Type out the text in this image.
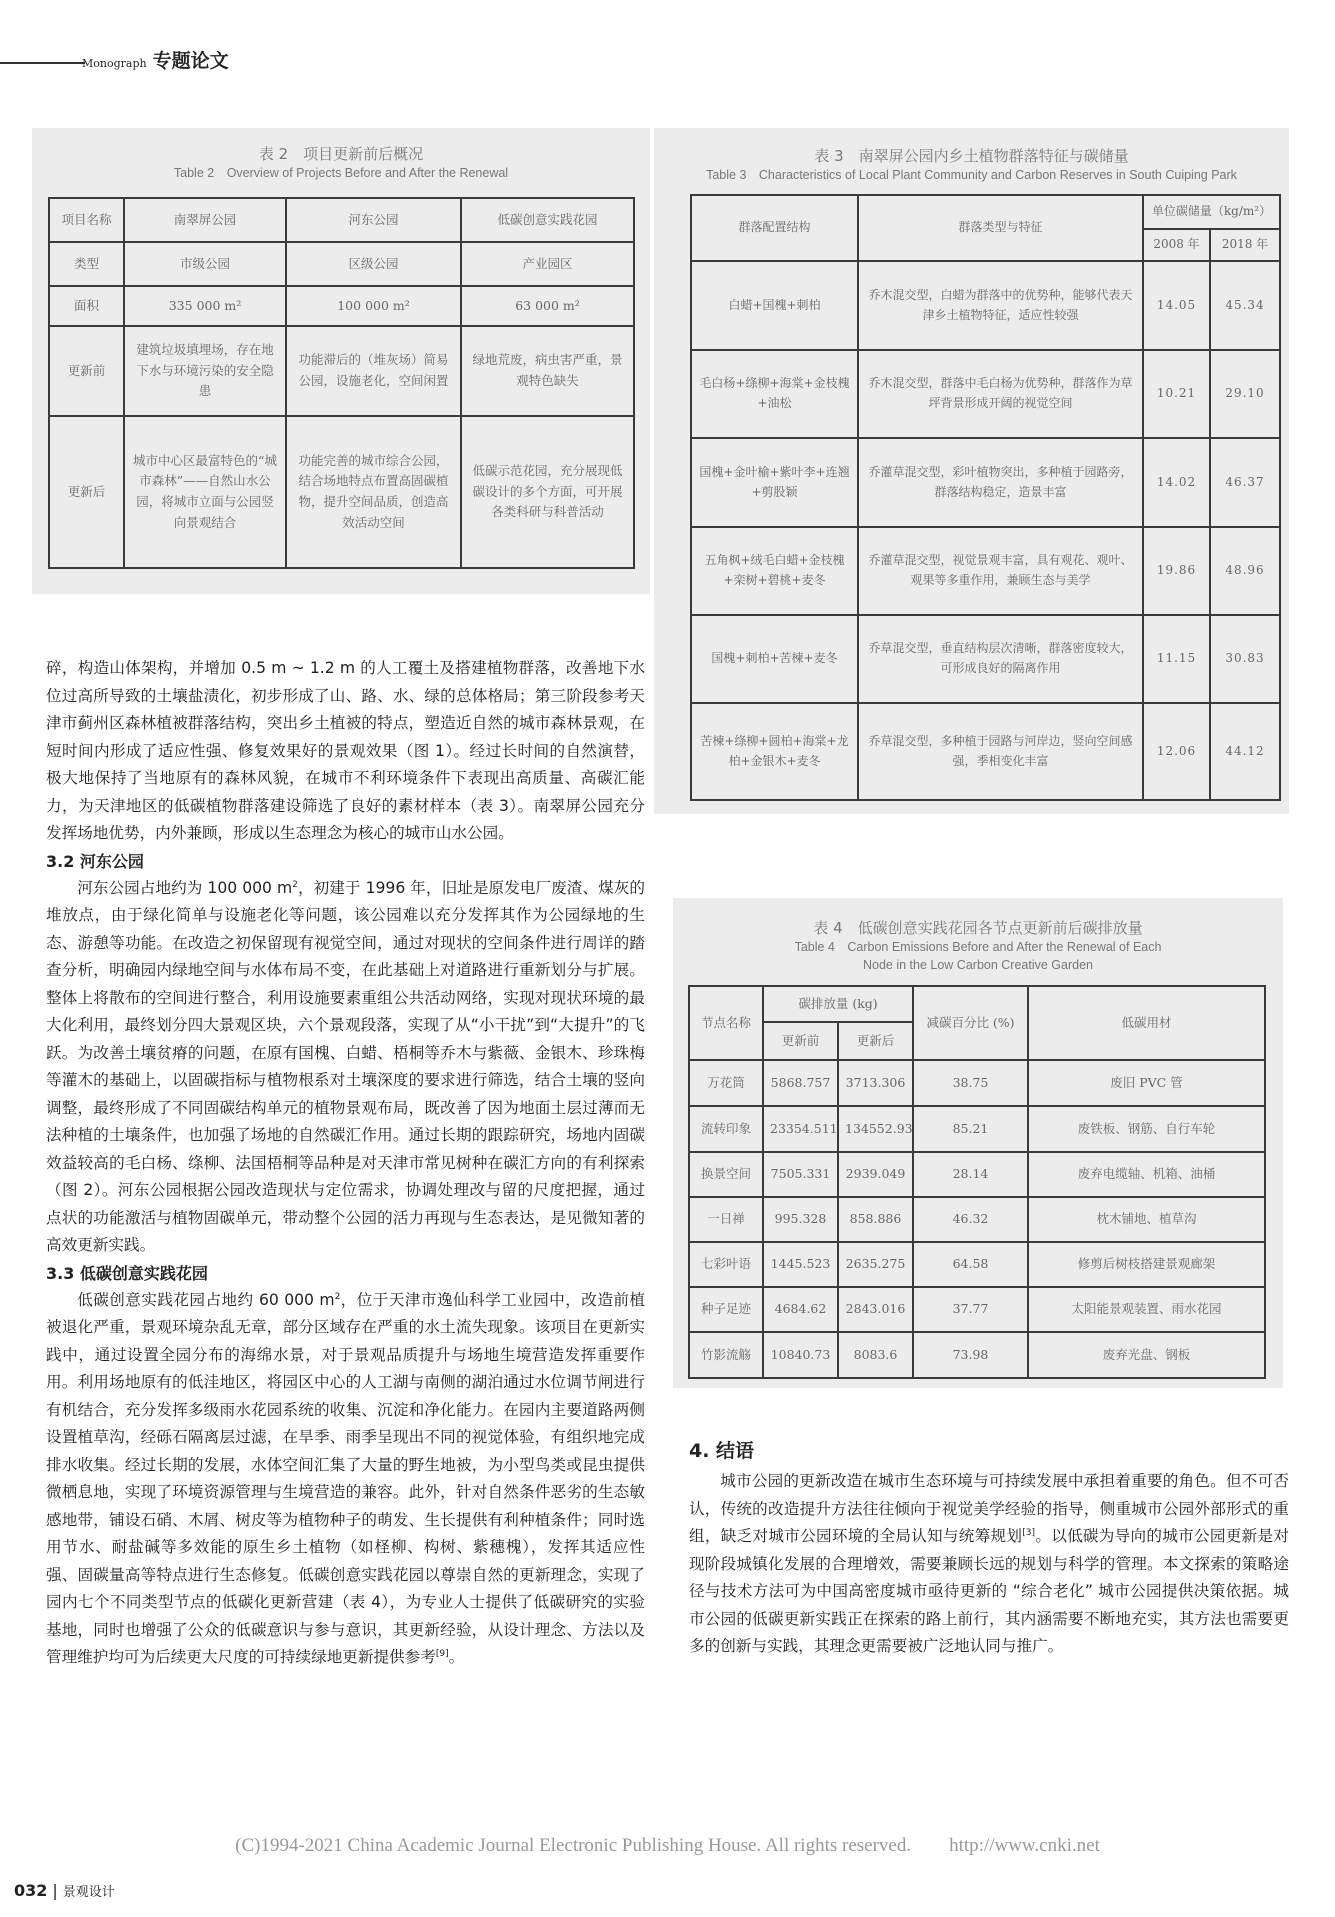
Monograph 专题论文
表 2　项目更新前后概况
Table 2　Overview of Projects Before and After the Renewal
项目名称	南翠屏公园	河东公园	低碳创意实践花园
类型	市级公园	区级公园	产业园区
面积	335 000 m²	100 000 m²	63 000 m²
更新前	建筑垃圾填埋场，存在地下水与环境污染的安全隐患	功能滞后的（堆灰场）简易公园，设施老化，空间闲置	绿地荒废，病虫害严重，景观特色缺失
更新后	城市中心区最富特色的“城市森林”——自然山水公园，将城市立面与公园竖向景观结合	功能完善的城市综合公园，结合场地特点布置高固碳植物，提升空间品质，创造高效活动空间	低碳示范花园，充分展现低碳设计的多个方面，可开展各类科研与科普活动
表 3　南翠屏公园内乡土植物群落特征与碳储量
Table 3　Characteristics of Local Plant Community and Carbon Reserves in South Cuiping Park
群落配置结构	群落类型与特征	单位碳储量（kg/m²）	
		2008 年	2018 年
白蜡+国槐+刺柏	乔木混交型，白蜡为群落中的优势种，能够代表天津乡土植物特征，适应性较强	14.05	45.34
毛白杨+绦柳+海棠+金枝槐+油松	乔木混交型，群落中毛白杨为优势种，群落作为草坪背景形成开阔的视觉空间	10.21	29.10
国槐+金叶榆+紫叶李+连翘+剪股颖	乔灌草混交型，彩叶植物突出，多种植于园路旁，群落结构稳定，造景丰富	14.02	46.37
五角枫+绒毛白蜡+金枝槐+栾树+碧桃+麦冬	乔灌草混交型，视觉景观丰富，具有观花、观叶、观果等多重作用，兼顾生态与美学	19.86	48.96
国槐+刺柏+苦楝+麦冬	乔草混交型，垂直结构层次清晰，群落密度较大，可形成良好的隔离作用	11.15	30.83
苦楝+绦柳+圆柏+海棠+龙柏+金银木+麦冬	乔草混交型，多种植于园路与河岸边，竖向空间感强，季相变化丰富	12.06	44.12
表 4　低碳创意实践花园各节点更新前后碳排放量
Table 4　Carbon Emissions Before and After the Renewal of Each Node in the Low Carbon Creative Garden
节点名称	碳排放量 (kg)		减碳百分比 (%)	低碳用材
	更新前	更新后		
万花筒	5868.757	3713.306	38.75	废旧 PVC 管
流转印象	23354.511	134552.93	85.21	废铁板、钢筋、自行车轮
换景空间	7505.331	2939.049	28.14	废弃电缆轴、机箱、油桶
一日禅	995.328	858.886	46.32	枕木铺地、植草沟
七彩叶语	1445.523	2635.275	64.58	修剪后树枝搭建景观廊架
种子足迹	4684.62	2843.016	37.77	太阳能景观装置、雨水花园
竹影流觞	10840.73	8083.6	73.98	废弃光盘、钢板

碎，构造山体架构，并增加 0.5 m ~ 1.2 m 的人工覆土及搭建植物群落，改善地下水位过高所导致的土壤盐渍化，初步形成了山、路、水、绿的总体格局；第三阶段参考天津市蓟州区森林植被群落结构，突出乡土植被的特点，塑造近自然的城市森林景观，在短时间内形成了适应性强、修复效果好的景观效果（图 1）。经过长时间的自然演替，极大地保持了当地原有的森林风貌，在城市不利环境条件下表现出高质量、高碳汇能力，为天津地区的低碳植物群落建设筛选了良好的素材样本（表 3）。南翠屏公园充分发挥场地优势，内外兼顾，形成以生态理念为核心的城市山水公园。

3.2 河东公园

河东公园占地约为 100 000 $m^2$，初建于 1996 年，旧址是原发电厂废渣、煤灰的堆放点，由于绿化简单与设施老化等问题，该公园难以充分发挥其作为公园绿地的生态、游憩等功能。在改造之初保留现有视觉空间，通过对现状的空间条件进行周详的踏查分析，明确园内绿地空间与水体布局不变，在此基础上对道路进行重新划分与扩展。整体上将散布的空间进行整合，利用设施要素重组公共活动网络，实现对现状环境的最大化利用，最终划分四大景观区块，六个景观段落，实现了从“小干扰”到“大提升”的飞跃。为改善土壤贫瘠的问题，在原有国槐、白蜡、梧桐等乔木与紫薇、金银木、珍珠梅等灌木的基础上，以固碳指标与植物根系对土壤深度的要求进行筛选，结合土壤的竖向调整，最终形成了不同固碳结构单元的植物景观布局，既改善了因为地面土层过薄而无法种植的土壤条件，也加强了场地的自然碳汇作用。通过长期的跟踪研究，场地内固碳效益较高的毛白杨、绦柳、法国梧桐等品种是对天津市常见树种在碳汇方向的有利探索（图 2）。河东公园根据公园改造现状与定位需求，协调处理改与留的尺度把握，通过点状的功能激活与植物固碳单元，带动整个公园的活力再现与生态表达，是见微知著的高效更新实践。

3.3 低碳创意实践花园

低碳创意实践花园占地约 60 000 $m^2$，位于天津市逸仙科学工业园中，改造前植被退化严重，景观环境杂乱无章，部分区域存在严重的水土流失现象。该项目在更新实践中，通过设置全园分布的海绵水景，对于景观品质提升与场地生境营造发挥重要作用。利用场地原有的低洼地区，将园区中心的人工湖与南侧的湖泊通过水位调节闸进行有机结合，充分发挥多级雨水花园系统的收集、沉淀和净化能力。在园内主要道路两侧设置植草沟，经砾石隔离层过滤，在旱季、雨季呈现出不同的视觉体验，有组织地完成排水收集。经过长期的发展，水体空间汇集了大量的野生地被，为小型鸟类或昆虫提供微栖息地，实现了环境资源管理与生境营造的兼容。此外，针对自然条件恶劣的生态敏感地带，铺设石硝、木屑、树皮等为植物种子的萌发、生长提供有利种植条件；同时选用节水、耐盐碱等多效能的原生乡土植物（如柽柳、构树、紫穗槐），发挥其适应性强、固碳量高等特点进行生态修复。低碳创意实践花园以尊崇自然的更新理念，实现了园内七个不同类型节点的低碳化更新营建（表 4），为专业人士提供了低碳研究的实验基地，同时也增强了公众的低碳意识与参与意识，其更新经验，从设计理念、方法以及管理维护均可为后续更大尺度的可持续绿地更新提供参考[9]。

4. 结语

城市公园的更新改造在城市生态环境与可持续发展中承担着重要的角色。但不可否认，传统的改造提升方法往往倾向于视觉美学经验的指导，侧重城市公园外部形式的重组，缺乏对城市公园环境的全局认知与统筹规划[3]。以低碳为导向的城市公园更新是对现阶段城镇化发展的合理增效，需要兼顾长远的规划与科学的管理。本文探索的策略途径与技术方法可为中国高密度城市亟待更新的 “综合老化” 城市公园提供决策依据。城市公园的低碳更新实践正在探索的路上前行，其内涵需要不断地充实，其方法也需要更多的创新与实践，其理念更需要被广泛地认同与推广。

(C)1994-2021 China Academic Journal Electronic Publishing House. All rights reserved.　　http://www.cnki.net
032 | 景观设计
